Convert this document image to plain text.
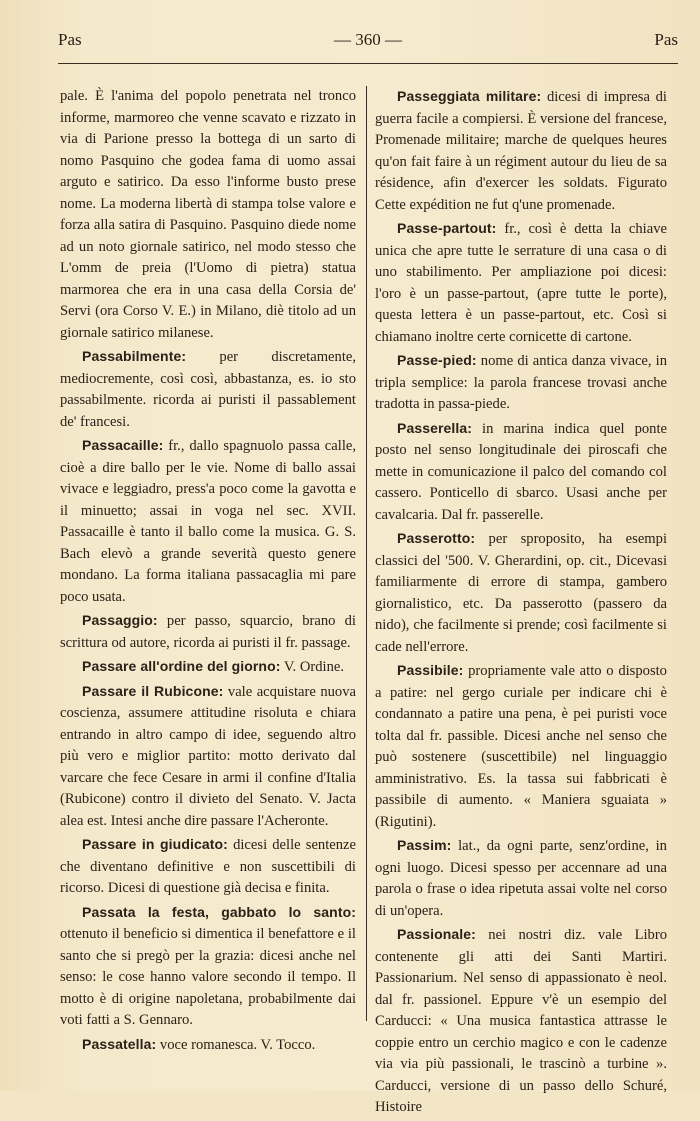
Pas	— 360 —	Pas

pale. È l'anima del popolo penetrata nel tronco informe, marmoreo che venne scavato e rizzato in via di Parione presso la bottega di un sarto di nomo Pasquino che godea fama di uomo assai arguto e satirico. Da esso l'informe busto prese nome. La moderna libertà di stampa tolse valore e forza alla satira di Pasquino. Pasquino diede nome ad un noto giornale satirico, nel modo stesso che L'omm de preia (l'Uomo di pietra) statua marmorea che era in una casa della Corsia de' Servi (ora Corso V. E.) in Milano, diè titolo ad un giornale satirico milanese.

Passabilmente: per discretamente, mediocremente, così così, abbastanza, es. io sto passabilmente. ricorda ai puristi il passablement de' francesi.

Passacaille: fr., dallo spagnuolo passa calle, cioè a dire ballo per le vie. Nome di ballo assai vivace e leggiadro, press'a poco come la gavotta e il minuetto; assai in voga nel sec. XVII. Passacaille è tanto il ballo come la musica. G. S. Bach elevò a grande severità questo genere mondano. La forma italiana passacaglia mi pare poco usata.

Passaggio: per passo, squarcio, brano di scrittura od autore, ricorda ai puristi il fr. passage.

Passare all'ordine del giorno: V. Ordine.

Passare il Rubicone: vale acquistare nuova coscienza, assumere attitudine risoluta e chiara entrando in altro campo di idee, seguendo altro più vero e miglior partito: motto derivato dal varcare che fece Cesare in armi il confine d'Italia (Rubicone) contro il divieto del Senato. V. Jacta alea est. Intesi anche dire passare l'Acheronte.

Passare in giudicato: dicesi delle sentenze che diventano definitive e non suscettibili di ricorso. Dicesi di questione già decisa e finita.

Passata la festa, gabbato lo santo: ottenuto il beneficio si dimentica il benefattore e il santo che si pregò per la grazia: dicesi anche nel senso: le cose hanno valore secondo il tempo. Il motto è di origine napoletana, probabilmente dai voti fatti a S. Gennaro.

Passatella: voce romanesca. V. Tocco.

Passeggiata militare: dicesi di impresa di guerra facile a compiersi. È versione del francese, Promenade militaire; marche de quelques heures qu'on fait faire à un régiment autour du lieu de sa résidence, afin d'exercer les soldats. Figurato Cette expédition ne fut q'une promenade.

Passe-partout: fr., così è detta la chiave unica che apre tutte le serrature di una casa o di uno stabilimento. Per ampliazione poi dicesi: l'oro è un passe-partout, (apre tutte le porte), questa lettera è un passe-partout, etc. Così si chiamano inoltre certe cornicette di cartone.

Passe-pied: nome di antica danza vivace, in tripla semplice: la parola francese trovasi anche tradotta in passa-piede.

Passerella: in marina indica quel ponte posto nel senso longitudinale dei piroscafi che mette in comunicazione il palco del comando col cassero. Ponticello di sbarco. Usasi anche per cavalcaria. Dal fr. passerelle.

Passerotto: per sproposito, ha esempi classici del '500. V. Gherardini, op. cit., Dicevasi familiarmente di errore di stampa, gambero giornalistico, etc. Da passerotto (passero da nido), che facilmente si prende; così facilmente si cade nell'errore.

Passibile: propriamente vale atto o disposto a patire: nel gergo curiale per indicare chi è condannato a patire una pena, è pei puristi voce tolta dal fr. passible. Dicesi anche nel senso che può sostenere (suscettibile) nel linguaggio amministrativo. Es. la tassa sui fabbricati è passibile di aumento. « Maniera sguaiata » (Rigutini).

Passim: lat., da ogni parte, senz'ordine, in ogni luogo. Dicesi spesso per accennare ad una parola o frase o idea ripetuta assai volte nel corso di un'opera.

Passionale: nei nostri diz. vale Libro contenente gli atti dei Santi Martiri. Passionarium. Nel senso di appassionato è neol. dal fr. passionel. Eppure v'è un esempio del Carducci: « Una musica fantastica attrasse le coppie entro un cerchio magico e con le cadenze via via più passionali, le trascinò a turbine ». Carducci, versione di un passo dello Schuré, Histoire
